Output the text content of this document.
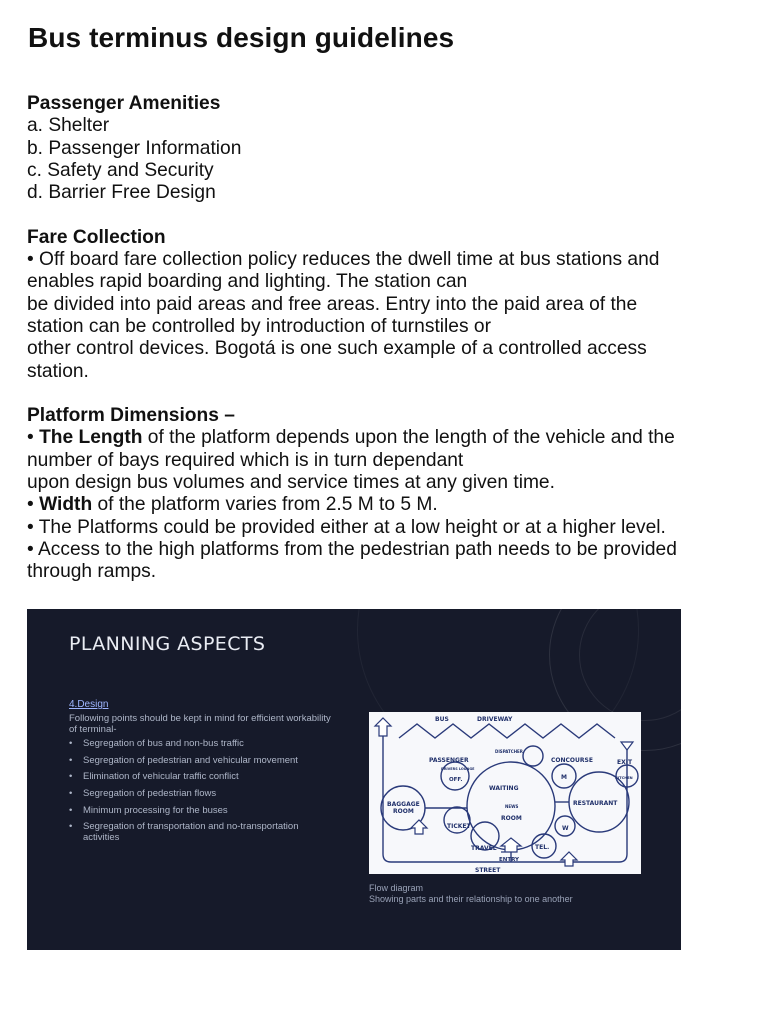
Bus terminus design guidelines

Passenger Amenities

a. Shelter

b. Passenger Information

c. Safety and Security

d. Barrier Free Design

Fare Collection

• Off board fare collection policy reduces the dwell time at bus stations and

enables rapid boarding and lighting. The station can

be divided into paid areas and free areas. Entry into the paid area of the

station can be controlled by introduction of turnstiles or

other control devices. Bogotá is one such example of a controlled access

station.

Platform Dimensions –

• The Length of the platform depends upon the length of the vehicle and the

number of bays required which is in turn dependant

upon design bus volumes and service times at any given time.

• Width of the platform varies from 2.5 M to 5 M.

• The Platforms could be provided either at a low height or at a higher level.

• Access to the high platforms from the pedestrian path needs to be provided

through ramps.

PLANNING ASPECTS
4.Design
Following points should be kept in mind for efficient workability of terminal-
• Segregation of bus and non-bus traffic
• Segregation of pedestrian and vehicular movement
• Elimination of vehicular traffic conflict
• Segregation of pedestrian flows
• Minimum processing for the buses
• Segregation of transportation and no-transportation activities
BUS	DRIVEWAY
DISPATCHER
PASSENGER
DRIVERS LOUNGE
OFF.
CONCOURSE	EXIT
M	KITCHEN
WAITING
NEWS
ROOM
BAGGAGE
ROOM
RESTAURANT
TICKET	W
TRAVEL	TEL.
ENTRY
STREET
Flow diagram
Showing parts and their relationship to one another
